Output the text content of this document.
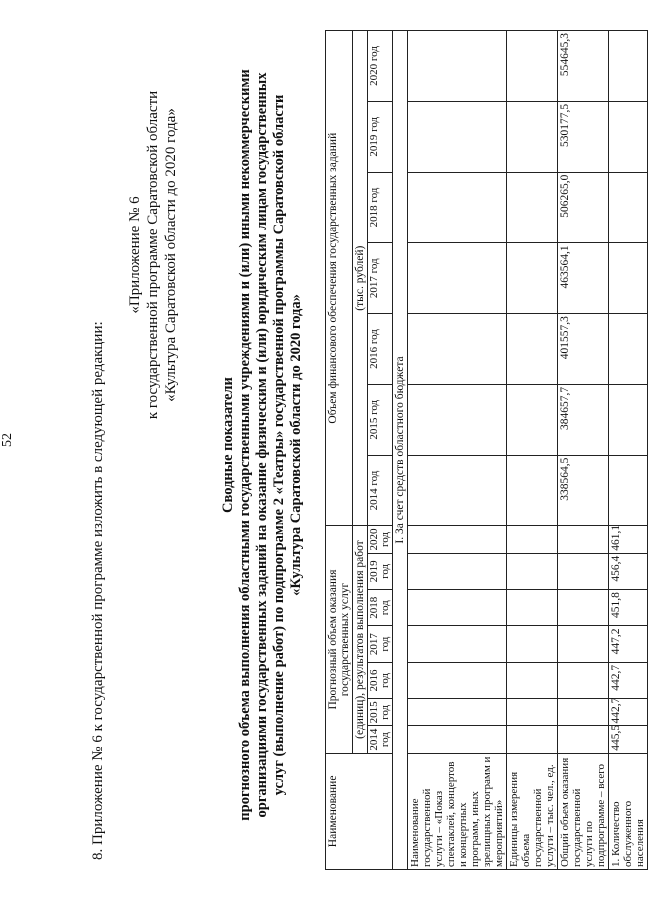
52	8. Приложение № 6 к государственной программе изложить в следующей редакции:
«Приложение № 6 к государственной программе Саратовской области «Культура Саратовской области до 2020 года»
Сводные показатели прогнозного объема выполнения областными государственными учреждениями и (или) иными некоммерческими организациями государственных заданий на оказание физическим и (или) юридическим лицам государственных услуг (выполнение работ) по подпрограмме 2 «Театры» государственной программы Саратовской области «Культура Саратовской области до 2020 года»
Наименование	Прогнозный объем оказания государственных услуг							Объем финансового обеспечения государственных заданий						
	(единиц), результатов выполнения работ							(тыс. рублей)						
	2014 год	2015 год	2016 год	2017 год	2018 год	2019 год	2020 год	2014 год	2015 год	2016 год	2017 год	2018 год	2019 год	2020 год
I. За счет средств областного бюджета														
Наименование государственной услуги – «Показ спектаклей, концертов и концертных программ, иных зрелищных программ и мероприятий»														
Единицы измерения объема государственной услуги – тыс. чел., ед.														
Общий объем оказания государственной услуги по подпрограмме – всего								338564,5	384657,7	401557,3	463564,1	506265,0	530177,5	554645,3
1. Количество обслуженного населения	445,5	442,7	442,7	447,2	451,8	456,4	461,1							
